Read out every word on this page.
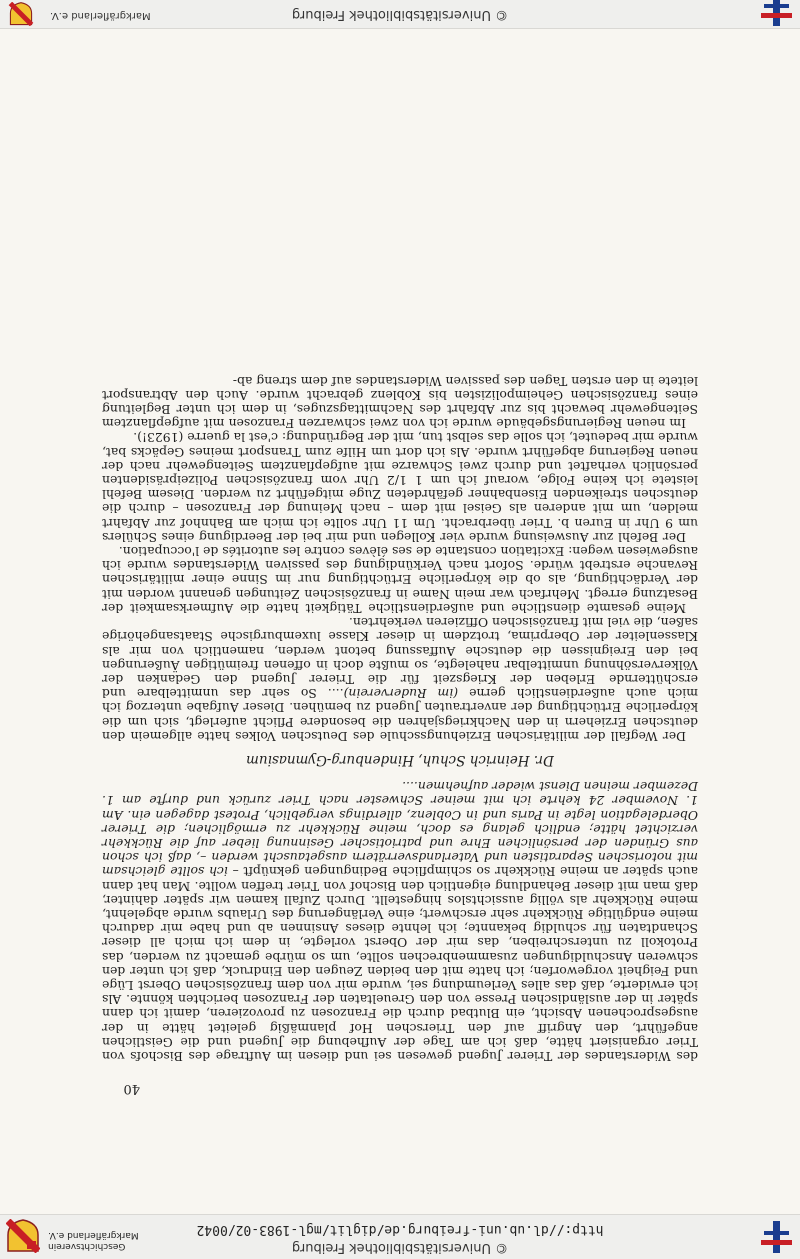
© Universitätsbibliothek Freiburg
http://dl.ub.uni-freiburg.de/diglit/mgl-1983-02/0042
Geschichtsverein
Markgräflerland e.V.
40

des Widerstandes der Trierer Jugend gewesen sei und diesen im Auftrage des Bischofs von Trier organisiert hätte, daß ich am Tage der Aufhebung die Jugend und die Geistlichen angeführt, den Angriff auf den Trierschen Hof planmäßig geleitet hätte in der ausgesprochenen Absicht, ein Blutbad durch die Franzosen zu provozieren, damit ich dann später in der ausländischen Presse von den Greueltaten der Franzosen berichten könnte. Als ich erwiderte, daß das alles Verleumdung sei, wurde mir von dem französischen Oberst Lüge und Feigheit vorgeworfen; ich hatte mit den beiden Zeugen den Eindruck, daß ich unter den schweren Anschuldigungen zusammenbrechen sollte, um so mürbe gemacht zu werden, das Protokoll zu unterschreiben, das mir der Oberst vorlegte, in dem ich mich all dieser Schandtaten für schuldig bekannte; ich lehnte dieses Ansinnen ab und habe mir dadurch meine endgültige Rückkehr sehr erschwert; eine Verlängerung des Urlaubs wurde abgelehnt, meine Rückkehr als völlig aussichtslos hingestellt. Durch Zufall kamen wir später dahinter, daß man mit dieser Behandlung eigentlich den Bischof von Trier treffen wollte. Man hat dann auch später an meine Rückkehr so schimpfliche Bedingungen geknüpft – ich sollte gleichsam mit notorischen Separatisten und Vaterlandsverrätern ausgetauscht werden –, daß ich schon aus Gründen der persönlichen Ehre und patriotischer Gesinnung lieber auf die Rückkehr verzichtet hätte; endlich gelang es doch, meine Rückkehr zu ermöglichen; die Trierer Oberdelegation legte in Paris und in Coblenz, allerdings vergeblich, Protest dagegen ein. Am 1. November 24 kehrte ich mit meiner Schwester nach Trier zurück und durfte am 1. Dezember meinen Dienst wieder aufnehmen....

Dr. Heinrich Schuh, Hindenburg-Gymnasium

Der Wegfall der militärischen Erziehungsschule des Deutschen Volkes hatte allgemein den deutschen Erziehern in den Nachkriegsjahren die besondere Pflicht auferlegt, sich um die körperliche Ertüchtigung der anvertrauten Jugend zu bemühen. Dieser Aufgabe unterzog ich mich auch außerdienstlich gerne (im Ruderverein).... So sehr das unmittelbare und erschütternde Erleben der Kriegszeit für die Trierer Jugend den Gedanken der Völkerversöhnung unmittelbar nahelegte, so mußte doch in offenen freimütigen Äußerungen bei den Ereignissen die deutsche Auffassung betont werden, namentlich von mir als Klassenleiter der Oberprima, trotzdem in dieser Klasse luxemburgische Staatsangehörige saßen, die viel mit französischen Offizieren verkehrten.

Meine gesamte dienstliche und außerdienstliche Tätigkeit hatte die Aufmerksamkeit der Besatzung erregt. Mehrfach war mein Name in französischen Zeitungen genannt worden mit der Verdächtigung, als ob die körperliche Ertüchtigung nur im Sinne einer militärischen Revanche erstrebt würde. Sofort nach Verkündigung des passiven Widerstandes wurde ich ausgewiesen wegen: Excitation constante de ses élèves contre les autorités de l'occupation.

Der Befehl zur Ausweisung wurde vier Kollegen und mir bei der Beerdigung eines Schülers um 9 Uhr in Euren b. Trier überbracht. Um 11 Uhr sollte ich mich am Bahnhof zur Abfahrt melden, um mit anderen als Geisel mit dem – nach Meinung der Franzosen – durch die deutschen streikenden Eisenbahner gefährdeten Zuge mitgeführt zu werden. Diesem Befehl leistete ich keine Folge, worauf ich um 1 1/2 Uhr vom französischen Polizeipräsidenten persönlich verhaftet und durch zwei Schwarze mit aufgepflanztem Seitengewehr nach der neuen Regierung abgeführt wurde. Als ich dort um Hilfe zum Transport meines Gepäcks bat, wurde mir bedeutet, ich solle das selbst tun, mit der Begründung: c'est la guerre (1923!).

Im neuen Regierungsgebäude wurde ich von zwei schwarzen Franzosen mit aufgepflanztem Seitengewehr bewacht bis zur Abfahrt des Nachmittagszuges, in dem ich unter Begleitung eines französischen Geheimpolizisten bis Koblenz gebracht wurde. Auch den Abtransport leitete in den ersten Tagen des passiven Widerstandes auf dem streng ab-

© Universitätsbibliothek Freiburg
Markgräflerland e.V.
